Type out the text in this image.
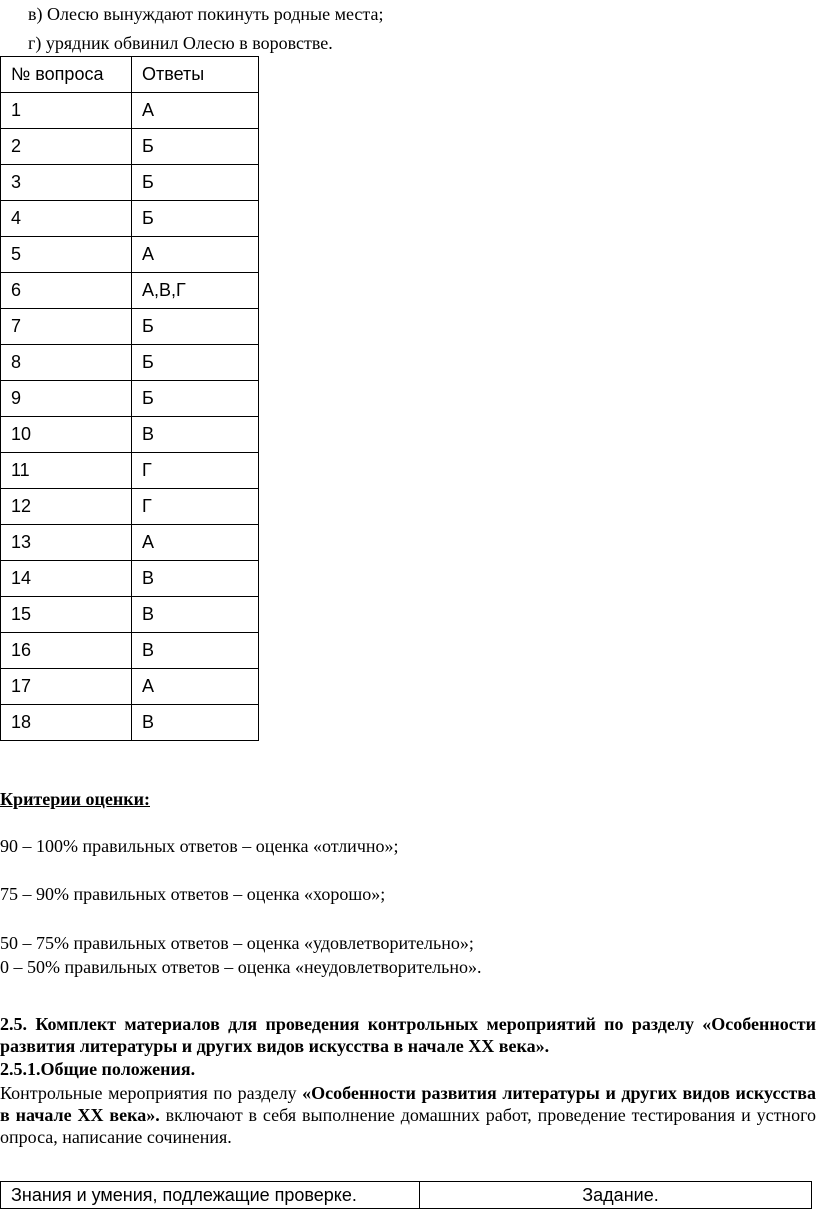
в) Олесю вынуждают покинуть родные места;
г) урядник обвинил Олесю в воровстве.
№ вопроса	Ответы
1	А
2	Б
3	Б
4	Б
5	А
6	А,В,Г
7	Б
8	Б
9	Б
10	В
11	Г
12	Г
13	А
14	В
15	В
16	В
17	А
18	В
Критерии оценки:
90 – 100% правильных ответов – оценка «отлично»;
75 – 90% правильных ответов – оценка «хорошо»;
50 – 75% правильных ответов – оценка «удовлетворительно»;
0 – 50% правильных ответов – оценка «неудовлетворительно».
2.5. Комплект материалов для проведения контрольных мероприятий по разделу «Особенности развития литературы и других видов искусства в начале XX века».
2.5.1.Общие положения.
Контрольные мероприятия по разделу «Особенности развития литературы и других видов искусства в начале XX века». включают в себя выполнение домашних работ, проведение тестирования и устного опроса, написание сочинения.
Знания и умения, подлежащие проверке.	Задание.
